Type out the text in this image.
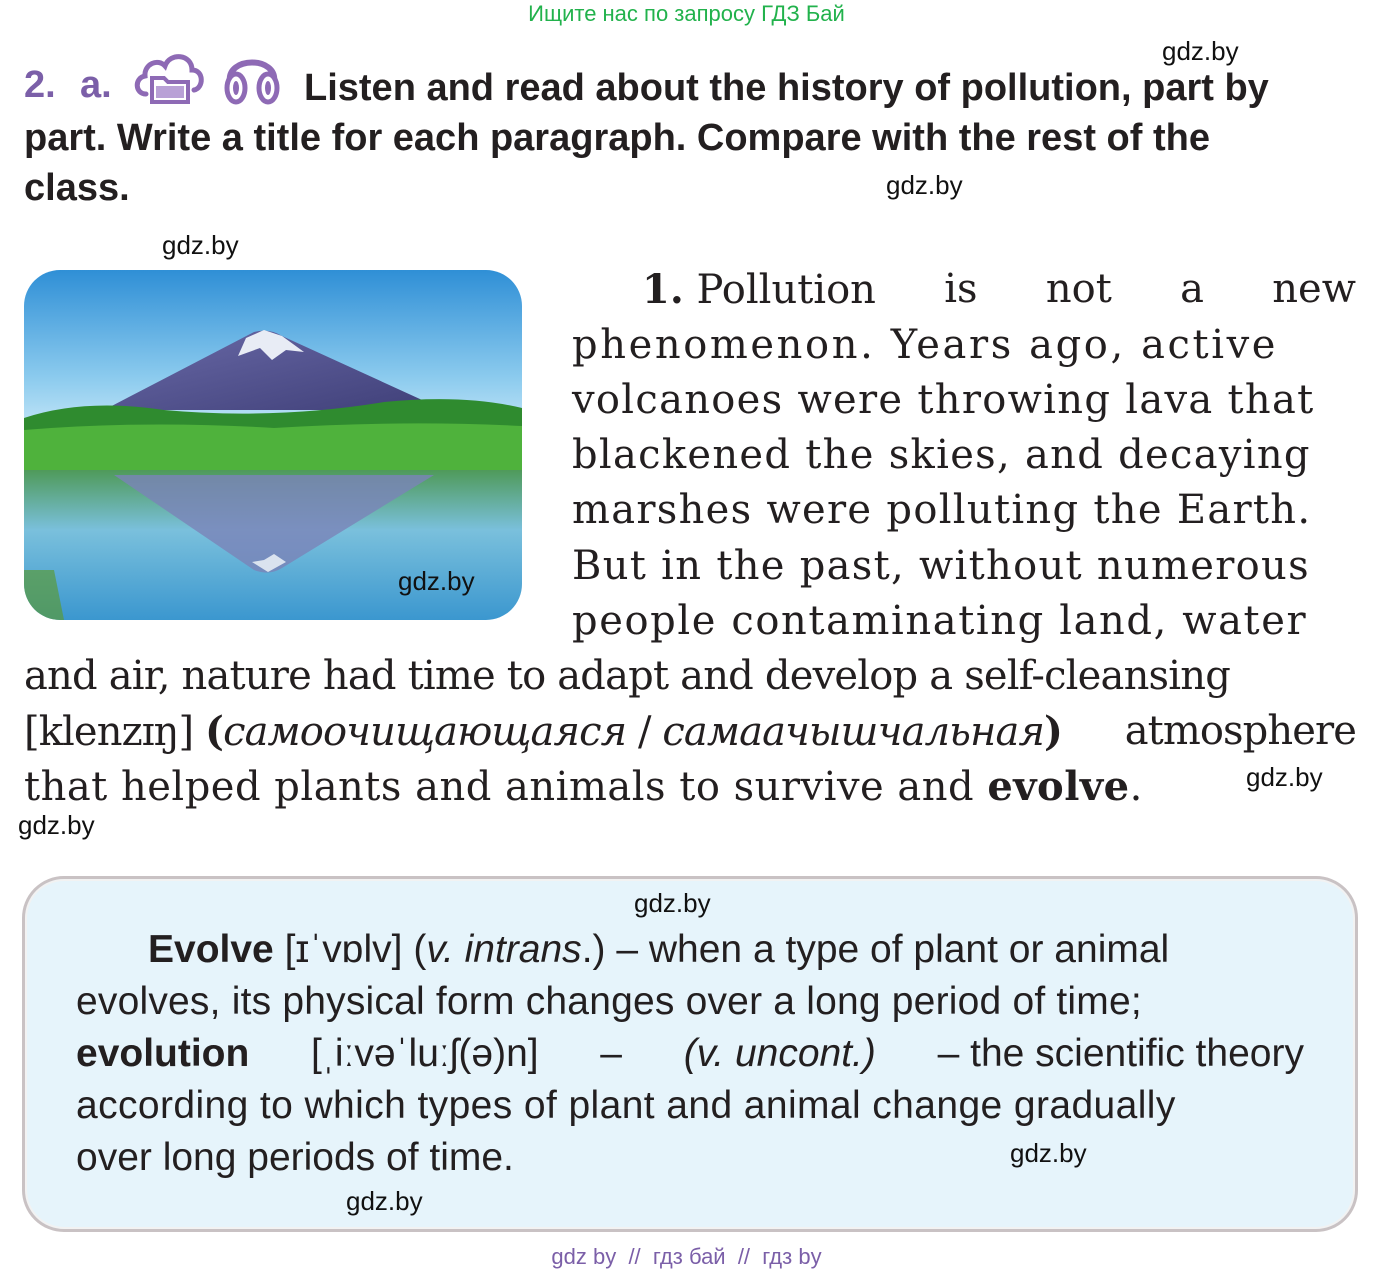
Ищите нас по запросу ГДЗ Бай
gdz.by
2. a.	Listen and read about the history of pollution, part by
part. Write a title for each paragraph. Compare with the rest of the
class.	gdz.by
gdz.by
gdz.by
1. Pollution is not a new
phenomenon. Years ago, active
volcanoes were throwing lava that
blackened the skies, and decaying
marshes were polluting the Earth.
But in the past, without numerous
people contaminating land, water
and air, nature had time to adapt and develop a self-cleansing
[klenzɪŋ] (самоочищающаяся / самаачышчальная) atmosphere
that helped plants and animals to survive and evolve.	gdz.by
gdz.by
gdz.by
Evolve [ɪˈvɒlv] (v. intrans.) – when a type of plant or animal
evolves, its physical form changes over a long period of time;
evolution [ˌiːvəˈluːʃ(ə)n] – (v. uncont.) – the scientific theory
according to which types of plant and animal change gradually
over long periods of time.	gdz.by
gdz.by
gdz by  //  гдз бай  //  гдз by
